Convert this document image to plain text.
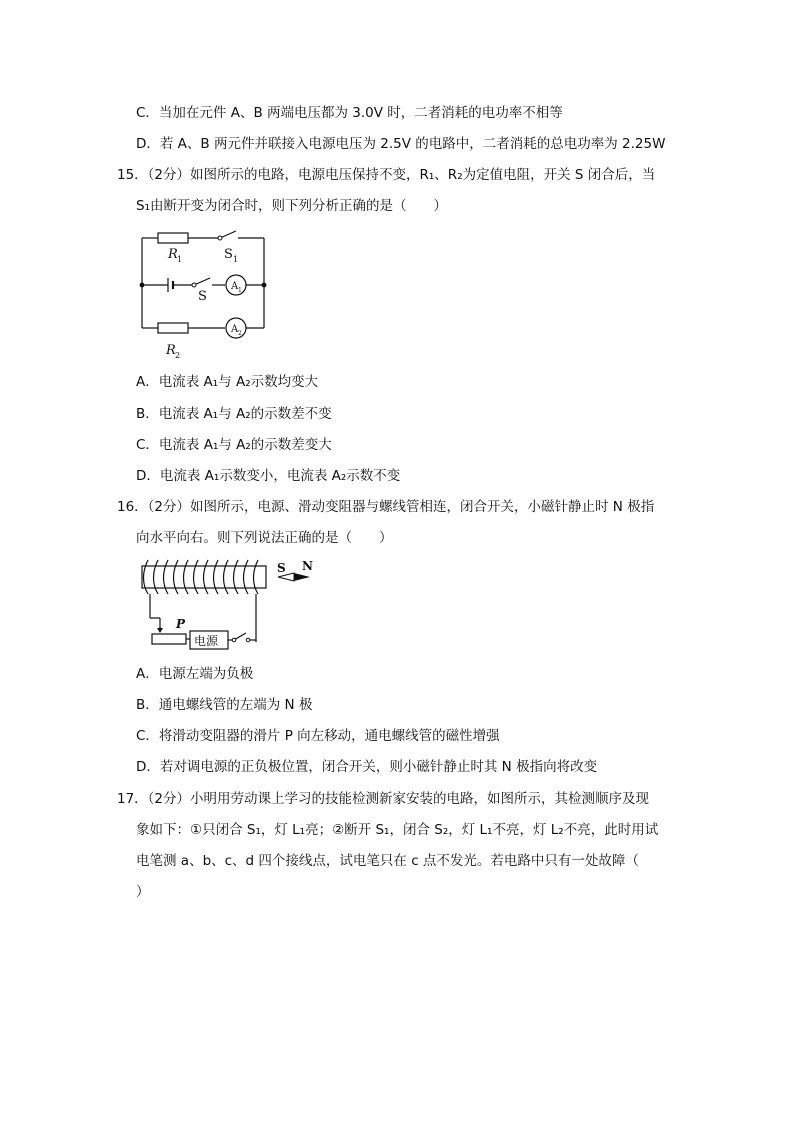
C．当加在元件 A、B 两端电压都为 3.0V 时，二者消耗的电功率不相等
D．若 A、B 两元件并联接入电源电压为 2.5V 的电路中，二者消耗的总电功率为 2.25W
15．（2分）如图所示的电路，电源电压保持不变，R₁、R₂为定值电阻，开关 S 闭合后，当
S₁由断开变为闭合时，则下列分析正确的是（　　）
R 1	S 1
S
A 1
A 2
R 2
A．电流表 A₁与 A₂示数均变大
B．电流表 A₁与 A₂的示数差不变
C．电流表 A₁与 A₂的示数差变大
D．电流表 A₁示数变小，电流表 A₂示数不变
16．（2分）如图所示，电源、滑动变阻器与螺线管相连，闭合开关，小磁针静止时 N 极指
向水平向右。则下列说法正确的是（　　）
S N
P
电源
A．电源左端为负极
B．通电螺线管的左端为 N 极
C．将滑动变阻器的滑片 P 向左移动，通电螺线管的磁性增强
D．若对调电源的正负极位置，闭合开关，则小磁针静止时其 N 极指向将改变
17．（2分）小明用劳动课上学习的技能检测新家安装的电路，如图所示，其检测顺序及现
象如下：①只闭合 S₁，灯 L₁亮；②断开 S₁，闭合 S₂，灯 L₁不亮，灯 L₂不亮，此时用试
电笔测 a、b、c、d 四个接线点，试电笔只在 c 点不发光。若电路中只有一处故障（
）
